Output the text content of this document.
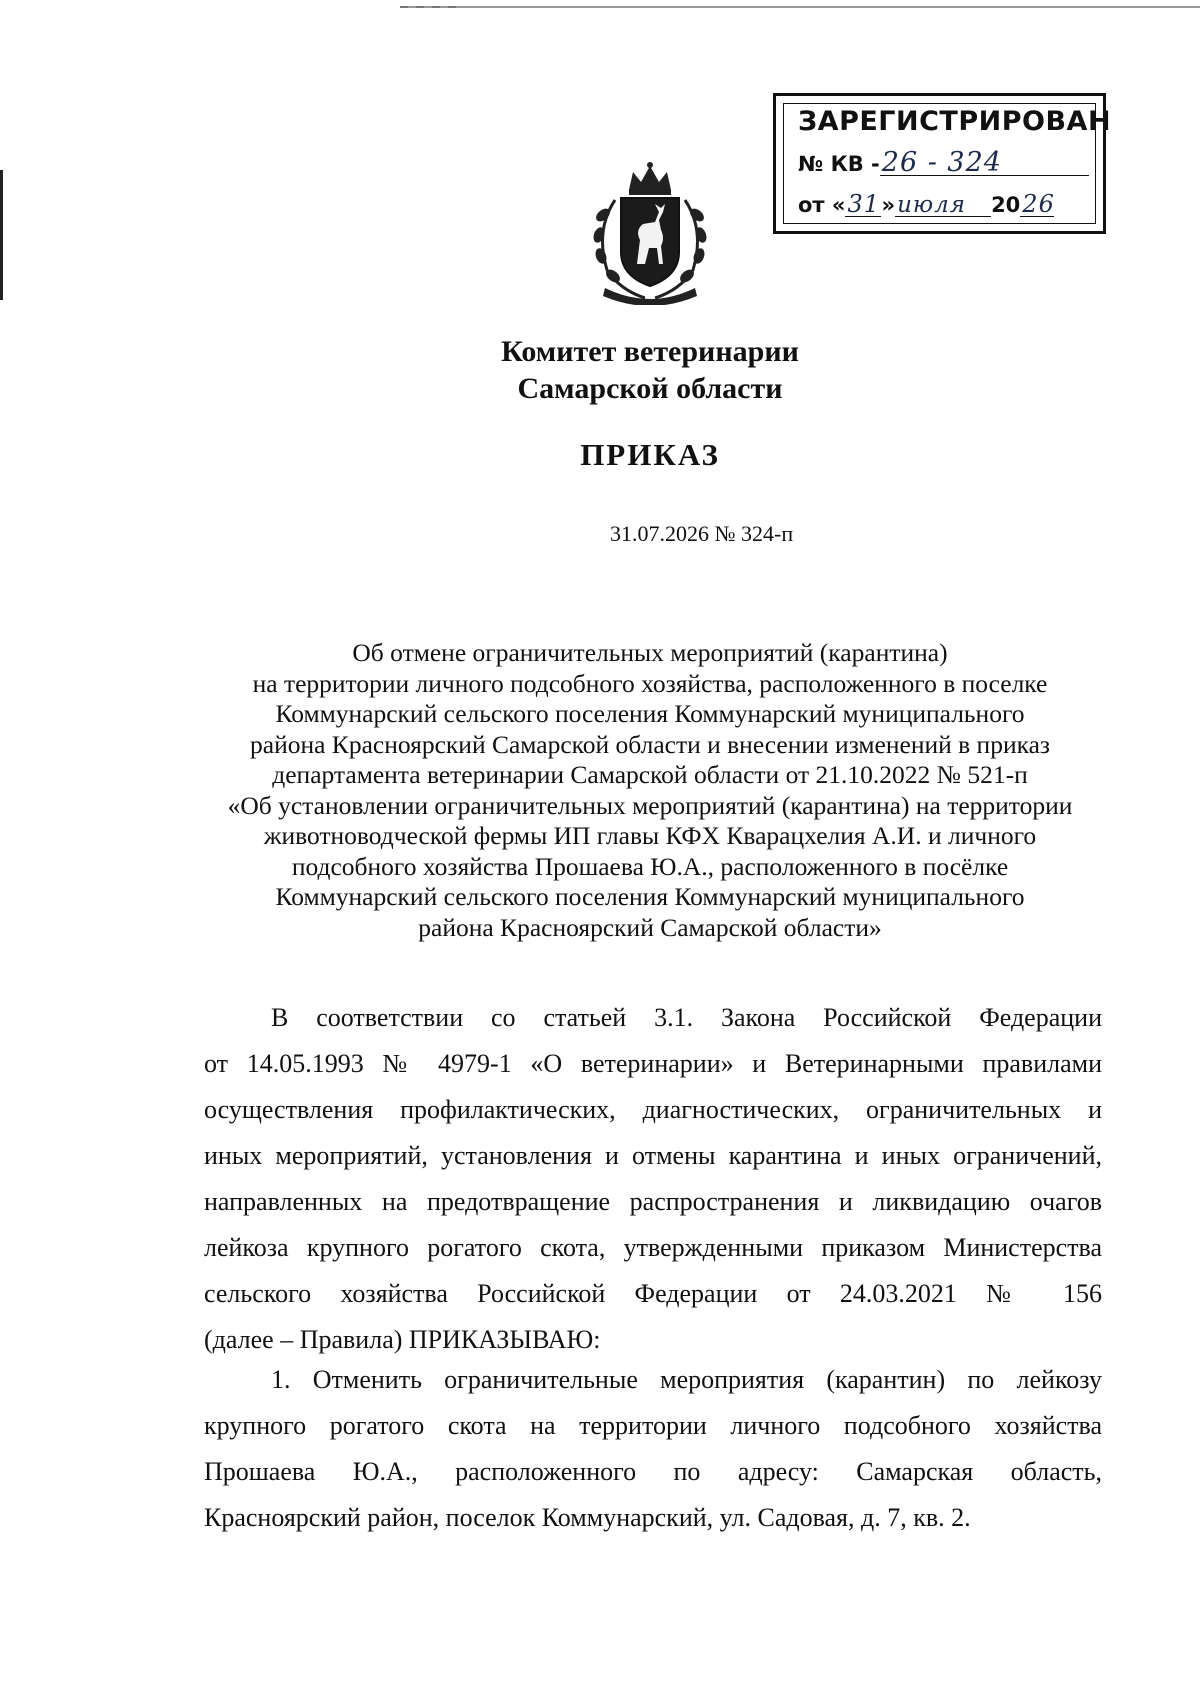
ЗАРЕГИСТРИРОВАН
№ КВ -26 - 324
от «31»июля 2026
Комитет ветеринарии
Самарской области
ПРИКАЗ
31.07.2026 № 324-п
Об отмене ограничительных мероприятий (карантина)
на территории личного подсобного хозяйства, расположенного в поселке
Коммунарский сельского поселения Коммунарский муниципального
района Красноярский Самарской области и внесении изменений в приказ
департамента ветеринарии Самарской области от 21.10.2022 № 521-п
«Об установлении ограничительных мероприятий (карантина) на территории
животноводческой фермы ИП главы КФХ Кварацхелия А.И. и личного
подсобного хозяйства Прошаева Ю.А., расположенного в посёлке
Коммунарский сельского поселения Коммунарский муниципального
района Красноярский Самарской области»
В соответствии со статьей 3.1. Закона Российской Федерации
от 14.05.1993 № 4979-1 «О ветеринарии» и Ветеринарными правилами
осуществления профилактических, диагностических, ограничительных и
иных мероприятий, установления и отмены карантина и иных ограничений,
направленных на предотвращение распространения и ликвидацию очагов
лейкоза крупного рогатого скота, утвержденными приказом Министерства
сельского хозяйства Российской Федерации от 24.03.2021 № 156
(далее – Правила) ПРИКАЗЫВАЮ:
1. Отменить ограничительные мероприятия (карантин) по лейкозу
крупного рогатого скота на территории личного подсобного хозяйства
Прошаева Ю.А., расположенного по адресу: Самарская область,
Красноярский район, поселок Коммунарский, ул. Садовая, д. 7, кв. 2.
